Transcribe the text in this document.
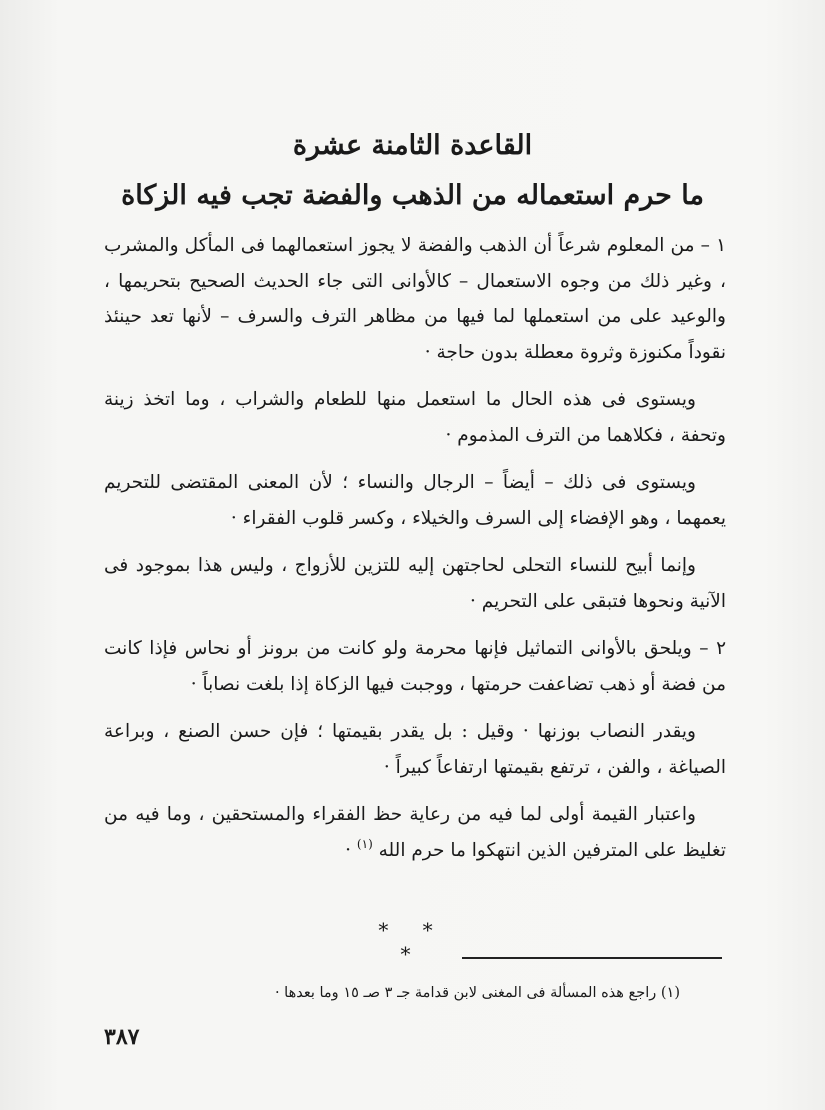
القاعدة الثامنة عشرة
ما حرم استعماله من الذهب والفضة تجب فيه الزكاة

١ – من المعلوم شرعاً أن الذهب والفضة لا يجوز استعمالهما فى المأكل والمشرب ، وغير ذلك من وجوه الاستعمال – كالأوانى التى جاء الحديث الصحيح بتحريمها ، والوعيد على من استعملها لما فيها من مظاهر الترف والسرف – لأنها تعد حينئذ نقوداً مكنوزة وثروة معطلة بدون حاجة ·

ويستوى فى هذه الحال ما استعمل منها للطعام والشراب ، وما اتخذ زينة وتحفة ، فكلاهما من الترف المذموم ·

ويستوى فى ذلك – أيضاً – الرجال والنساء ؛ لأن المعنى المقتضى للتحريم يعمهما ، وهو الإفضاء إلى السرف والخيلاء ، وكسر قلوب الفقراء ·

وإنما أبيح للنساء التحلى لحاجتهن إليه للتزين للأزواج ، وليس هذا بموجود فى الآنية ونحوها فتبقى على التحريم ·

٢ – ويلحق بالأوانى التماثيل فإنها محرمة ولو كانت من برونز أو نحاس فإذا كانت من فضة أو ذهب تضاعفت حرمتها ، ووجبت فيها الزكاة إذا بلغت نصاباً ·

ويقدر النصاب بوزنها · وقيل : بل يقدر بقيمتها ؛ فإن حسن الصنع ، وبراعة الصياغة ، والفن ، ترتفع بقيمتها ارتفاعاً كبيراً ·

واعتبار القيمة أولى لما فيه من رعاية حظ الفقراء والمستحقين ، وما فيه من تغليظ على المترفين الذين انتهكوا ما حرم الله $^{(١)}$ ·

* * *
(١) راجع هذه المسألة فى المغنى لابن قدامة جـ ٣ صـ ١٥ وما بعدها ·
٣٨٧
